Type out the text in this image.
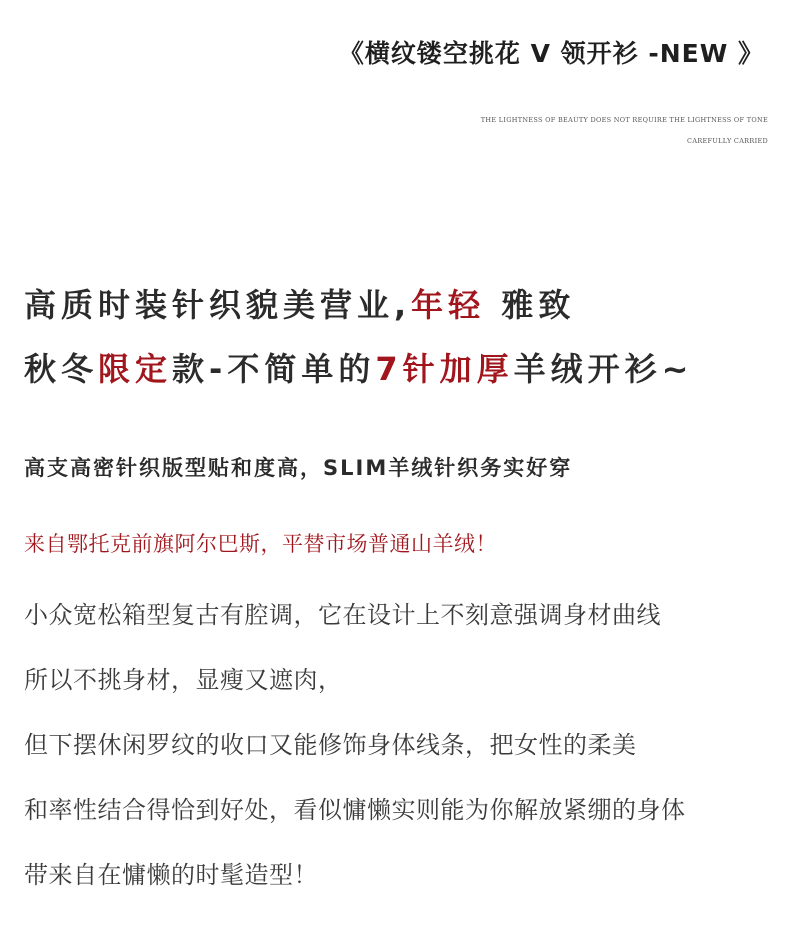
《横纹镂空挑花 V 领开衫 -NEW 》
THE LIGHTNESS OF BEAUTY DOES NOT REQUIRE THE LIGHTNESS OF TONE
CAREFULLY CARRIED
高质时装针织貌美营业,年轻 雅致
秋冬限定款-不简单的7针加厚羊绒开衫~
高支高密针织版型贴和度高，SLIM羊绒针织务实好穿
来自鄂托克前旗阿尔巴斯，平替市场普通山羊绒！
小众宽松箱型复古有腔调，它在设计上不刻意强调身材曲线
所以不挑身材，显瘦又遮肉，
但下摆休闲罗纹的收口又能修饰身体线条，把女性的柔美
和率性结合得恰到好处，看似慵懒实则能为你解放紧绷的身体
带来自在慵懒的时髦造型！
